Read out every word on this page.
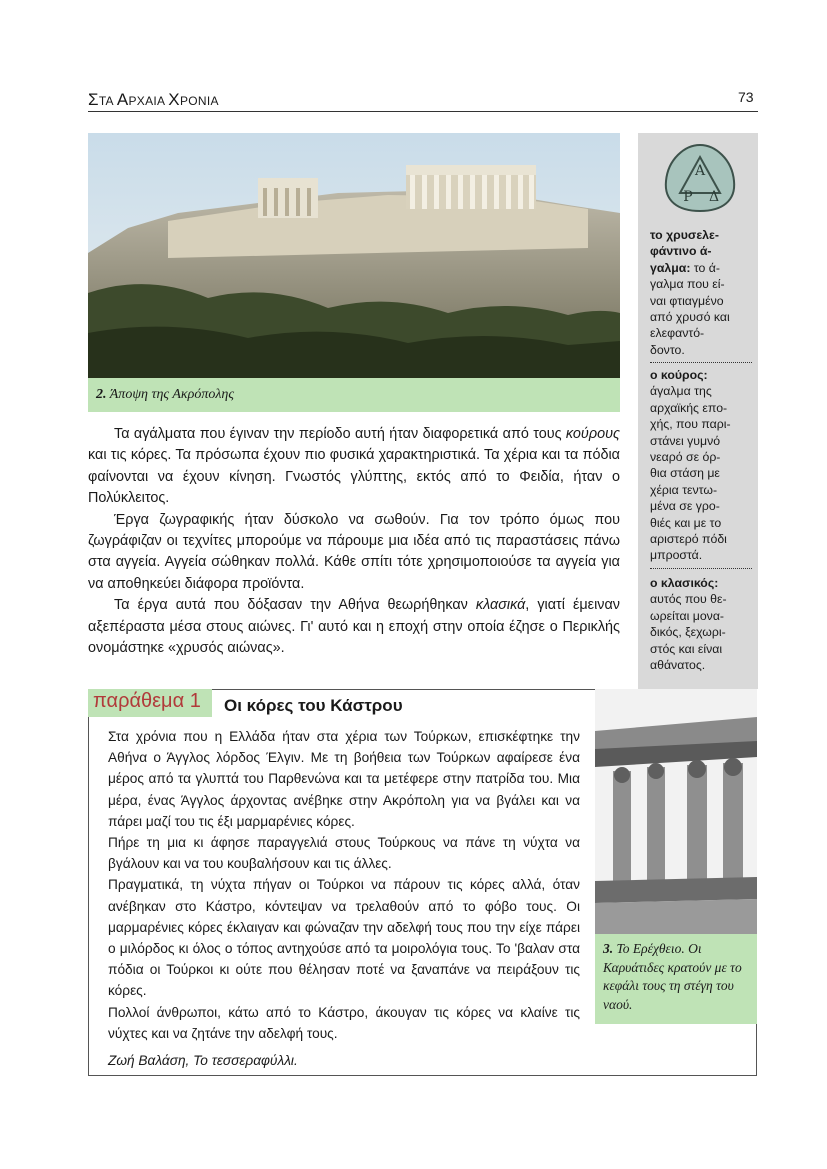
ΣΤΑ ΑΡΧΑΙΑ ΧΡΟΝΙΑ	73
2. Άποψη της Ακρόπολης
Α
Ρ Δ
το χρυσελε-
φάντινο ά-
γαλμα: το ά-
γαλμα που εί-
ναι φτιαγμένο
από χρυσό και
ελεφαντό-
δοντο.
ο κούρος:
άγαλμα της
αρχαϊκής επο-
χής, που παρι-
στάνει γυμνό
νεαρό σε όρ-
θια στάση με
χέρια τεντω-
μένα σε γρο-
θιές και με το
αριστερό πόδι
μπροστά.
ο κλασικός:
αυτός που θε-
ωρείται μονα-
δικός, ξεχωρι-
στός και είναι
αθάνατος.

Τα αγάλματα που έγιναν την περίοδο αυτή ήταν διαφορετικά από τους κούρους και τις κόρες. Τα πρόσωπα έχουν πιο φυσικά χαρακτηριστικά. Τα χέρια και τα πόδια φαίνονται να έχουν κίνηση. Γνωστός γλύπτης, εκτός από το Φειδία, ήταν ο Πολύκλειτος.

Έργα ζωγραφικής ήταν δύσκολο να σωθούν. Για τον τρόπο όμως που ζωγράφιζαν οι τεχνίτες μπορούμε να πάρουμε μια ιδέα από τις παραστάσεις πάνω στα αγγεία. Αγγεία σώθηκαν πολλά. Κάθε σπίτι τότε χρησιμοποιούσε τα αγγεία για να αποθηκεύει διάφορα προϊόντα.

Τα έργα αυτά που δόξασαν την Αθήνα θεωρήθηκαν κλασικά, γιατί έμειναν αξεπέραστα μέσα στους αιώνες. Γι' αυτό και η εποχή στην οποία έζησε ο Περικλής ονομάστηκε «χρυσός αιώνας».

παράθεμα 1 Οι κόρες του Κάστρου

Στα χρόνια που η Ελλάδα ήταν στα χέρια των Τούρκων, επισκέφτηκε την Αθήνα ο Άγγλος λόρδος Έλγιν. Με τη βοήθεια των Τούρκων αφαίρεσε ένα μέρος από τα γλυπτά του Παρθενώνα και τα μετέφερε στην πατρίδα του. Μια μέρα, ένας Άγγλος άρχοντας ανέβηκε στην Ακρόπολη για να βγάλει και να πάρει μαζί του τις έξι μαρμαρένιες κόρες.

Πήρε τη μια κι άφησε παραγγελιά στους Τούρκους να πάνε τη νύχτα να βγάλουν και να του κουβαλήσουν και τις άλλες.

Πραγματικά, τη νύχτα πήγαν οι Τούρκοι να πάρουν τις κόρες αλλά, όταν ανέβηκαν στο Κάστρο, κόντεψαν να τρελαθούν από το φόβο τους. Οι μαρμαρένιες κόρες έκλαιγαν και φώναζαν την αδελφή τους που την είχε πάρει ο μιλόρδος κι όλος ο τόπος αντηχούσε από τα μοιρολόγια τους. Το 'βαλαν στα πόδια οι Τούρκοι κι ούτε που θέλησαν ποτέ να ξαναπάνε να πειράξουν τις κόρες.

Πολλοί άνθρωποι, κάτω από το Κάστρο, άκουγαν τις κόρες να κλαίνε τις νύχτες και να ζητάνε την αδελφή τους.

Ζωή Βαλάση, Το τεσσεραφύλλι.

3. Το Ερέχθειο. Οι Καρυάτιδες κρατούν με το κεφάλι τους τη στέγη του ναού.
